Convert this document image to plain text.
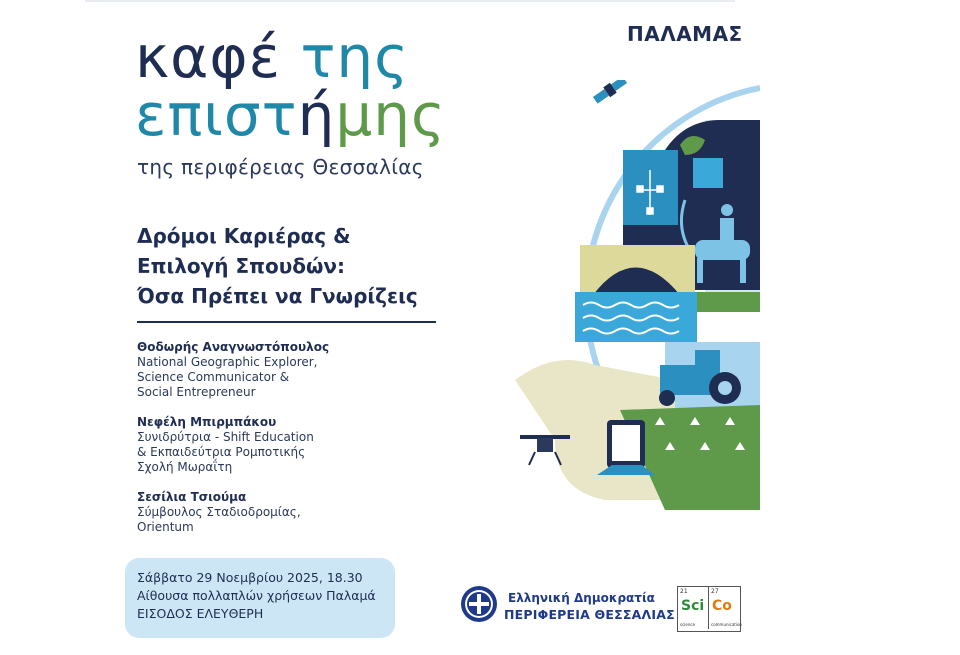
καφέ της
επιστήμης
της περιφέρειας Θεσσαλίας
ΠΑΛΑΜΑΣ
Δρόμοι Καριέρας &
Επιλογή Σπουδών:
Όσα Πρέπει να Γνωρίζεις
Θοδωρής Αναγνωστόπουλος
National Geographic Explorer,
Science Communicator &
Social Entrepreneur
Νεφέλη Μπιρμπάκου
Συνιδρύτρια - Shift Education
& Εκπαιδεύτρια Ρομποτικής
Σχολή Μωραΐτη
Σεσίλια Τσιούμα
Σύμβουλος Σταδιοδρομίας,
Orientum
Σάββατο 29 Νοεμβρίου 2025, 18.30
Αίθουσα πολλαπλών χρήσεων Παλαμά
ΕΙΣΟΔΟΣ ΕΛΕΥΘΕΡΗ
Ελληνική Δημοκρατία
ΠΕΡΙΦΕΡΕΙΑ ΘΕΣΣΑΛΙΑΣ
21
Sci
science
27
Co
communication
